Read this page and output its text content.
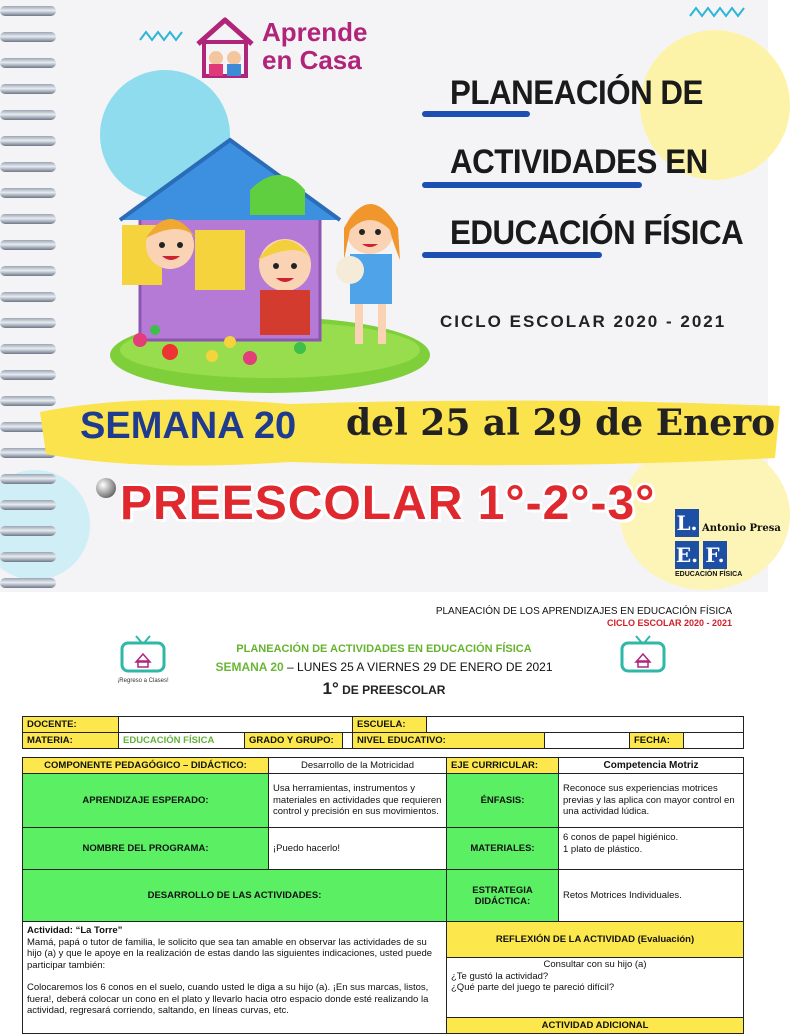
Aprende
en Casa
PLANEACIÓN DE
ACTIVIDADES EN
EDUCACIÓN FÍSICA
CICLO ESCOLAR 2020 - 2021
SEMANA 20 del 25 al 29 de Enero
PREESCOLAR 1°-2°-3° L.
E. F.
Antonio Presa
EDUCACIÓN FÍSICA
PLANEACIÓN DE LOS APRENDIZAJES EN EDUCACIÓN FÍSICA
CICLO ESCOLAR 2020 - 2021
¡Regreso a Clases!
PLANEACIÓN DE ACTIVIDADES EN EDUCACIÓN FÍSICA
SEMANA 20 – LUNES 25 A VIERNES 29 DE ENERO DE 2021
1° DE PREESCOLAR
DOCENTE:				ESCUELA:				
MATERIA:	EDUCACIÓN FÍSICA	GRADO Y GRUPO:		NIVEL EDUCATIVO:			FECHA:	
COMPONENTE PEDAGÓGICO – DIDÁCTICO:	Desarrollo de la Motricidad	EJE CURRICULAR:	Competencia Motriz
APRENDIZAJE ESPERADO:	Usa herramientas, instrumentos y materiales en actividades que requieren control y precisión en sus movimientos.	ÉNFASIS:	Reconoce sus experiencias motrices previas y las aplica con mayor control en una actividad lúdica.
NOMBRE DEL PROGRAMA:	¡Puedo hacerlo!	MATERIALES:	6 conos de papel higiénico.
1 plato de plástico.

DESARROLLO DE LAS ACTIVIDADES:		ESTRATEGIA DIDÁCTICA:	Retos Motrices Individuales.

Actividad: “La Torre”
Mamá, papá o tutor de familia, le solicito que sea tan amable en observar las actividades de su hijo (a) y que le apoye en la realización de estas dando las siguientes indicaciones, usted puede participar también:
Colocaremos los 6 conos en el suelo, cuando usted le diga a su hijo (a). ¡En sus marcas, listos, fuera!, deberá colocar un cono en el plato y llevarlo hacia otro espacio donde esté realizando la actividad, regresará corriendo, saltando, en líneas curvas, etc.		REFLEXIÓN DE LA ACTIVIDAD (Evaluación)	

		Consultar con su hijo (a)
¿Te gustó la actividad?
¿Qué parte del juego te pareció difícil?	

		ACTIVIDAD ADICIONAL	
